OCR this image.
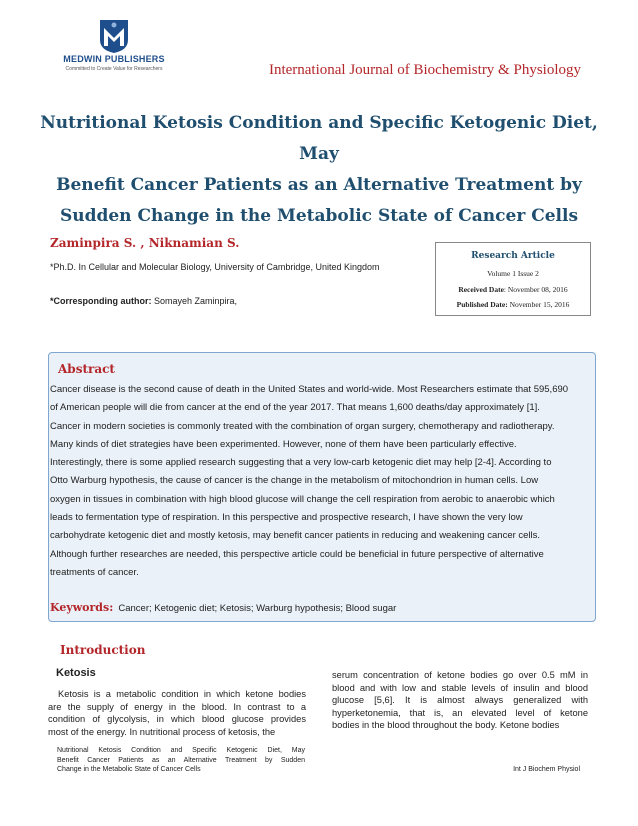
MEDWIN PUBLISHERS
Committed to Create Value for Researchers	International Journal of Biochemistry & Physiology
Nutritional Ketosis Condition and Specific Ketogenic Diet, May
Benefit Cancer Patients as an Alternative Treatment by
Sudden Change in the Metabolic State of Cancer Cells
Zaminpira S. , Niknamian S.
*Ph.D. In Cellular and Molecular Biology, University of Cambridge, United Kingdom
*Corresponding author: Somayeh Zaminpira,
Research Article
Volume 1 Issue 2
Received Date: November 08, 2016
Published Date: November 15, 2016
Abstract
Cancer disease is the second cause of death in the United States and world-wide. Most Researchers estimate that 595,690
of American people will die from cancer at the end of the year 2017. That means 1,600 deaths/day approximately [1].
Cancer in modern societies is commonly treated with the combination of organ surgery, chemotherapy and radiotherapy.
Many kinds of diet strategies have been experimented. However, none of them have been particularly effective.
Interestingly, there is some applied research suggesting that a very low-carb ketogenic diet may help [2-4]. According to
Otto Warburg hypothesis, the cause of cancer is the change in the metabolism of mitochondrion in human cells. Low
oxygen in tissues in combination with high blood glucose will change the cell respiration from aerobic to anaerobic which
leads to fermentation type of respiration. In this perspective and prospective research, I have shown the very low
carbohydrate ketogenic diet and mostly ketosis, may benefit cancer patients in reducing and weakening cancer cells.
Although further researches are needed, this perspective article could be beneficial in future perspective of alternative
treatments of cancer.
Keywords: Cancer; Ketogenic diet; Ketosis; Warburg hypothesis; Blood sugar
Introduction
Ketosis
Ketosis is a metabolic condition in which ketone bodies
are the supply of energy in the blood. In contrast to a
condition of glycolysis, in which blood glucose provides
most of the energy. In nutritional process of ketosis, the
serum concentration of ketone bodies go over 0.5 mM in
blood and with low and stable levels of insulin and blood
glucose [5,6]. It is almost always generalized with
hyperketonemia, that is, an elevated level of ketone
bodies in the blood throughout the body. Ketone bodies
Nutritional Ketosis Condition and Specific Ketogenic Diet, May
Benefit Cancer Patients as an Alternative Treatment by Sudden
Change in the Metabolic State of Cancer Cells	Int J Biochem Physiol
